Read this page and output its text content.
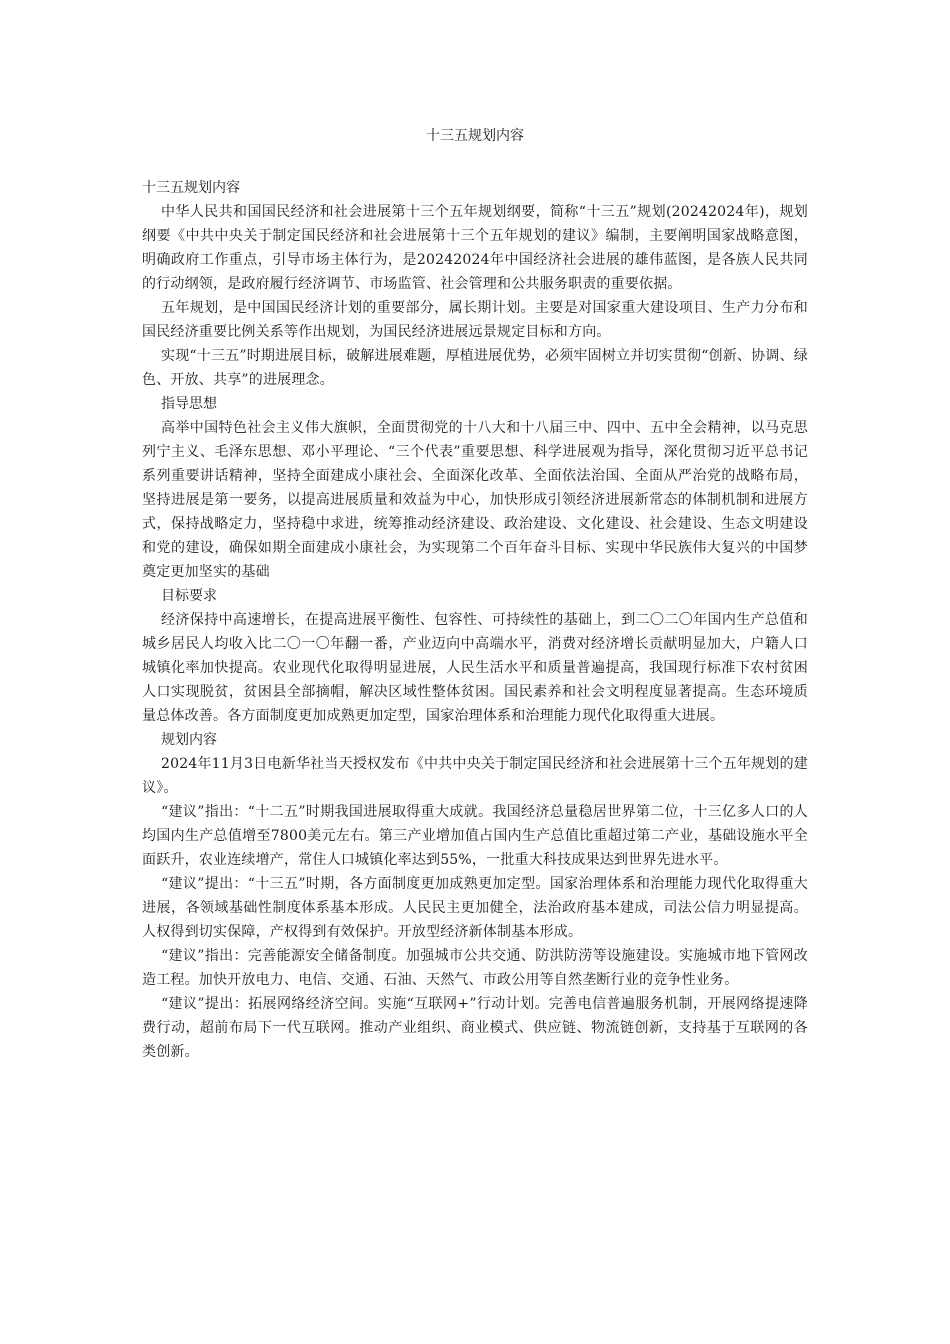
十三五规划内容

十三五规划内容

中华人民共和国国民经济和社会进展第十三个五年规划纲要，简称“十三五”规划(20242024年)，规划纲要《中共中央关于制定国民经济和社会进展第十三个五年规划的建议》编制，主要阐明国家战略意图，明确政府工作重点，引导市场主体行为，是20242024年中国经济社会进展的雄伟蓝图，是各族人民共同的行动纲领，是政府履行经济调节、市场监管、社会管理和公共服务职责的重要依据。

五年规划，是中国国民经济计划的重要部分，属长期计划。主要是对国家重大建设项目、生产力分布和国民经济重要比例关系等作出规划，为国民经济进展远景规定目标和方向。

实现“十三五”时期进展目标，破解进展难题，厚植进展优势，必须牢固树立并切实贯彻“创新、协调、绿色、开放、共享”的进展理念。

指导思想

高举中国特色社会主义伟大旗帜，全面贯彻党的十八大和十八届三中、四中、五中全会精神，以马克思列宁主义、毛泽东思想、邓小平理论、“三个代表”重要思想、科学进展观为指导，深化贯彻习近平总书记系列重要讲话精神，坚持全面建成小康社会、全面深化改革、全面依法治国、全面从严治党的战略布局，坚持进展是第一要务，以提高进展质量和效益为中心，加快形成引领经济进展新常态的体制机制和进展方式，保持战略定力，坚持稳中求进，统筹推动经济建设、政治建设、文化建设、社会建设、生态文明建设和党的建设，确保如期全面建成小康社会，为实现第二个百年奋斗目标、实现中华民族伟大复兴的中国梦奠定更加坚实的基础

目标要求

经济保持中高速增长，在提高进展平衡性、包容性、可持续性的基础上，到二〇二〇年国内生产总值和城乡居民人均收入比二〇一〇年翻一番，产业迈向中高端水平，消费对经济增长贡献明显加大，户籍人口城镇化率加快提高。农业现代化取得明显进展，人民生活水平和质量普遍提高，我国现行标准下农村贫困人口实现脱贫，贫困县全部摘帽，解决区域性整体贫困。国民素养和社会文明程度显著提高。生态环境质量总体改善。各方面制度更加成熟更加定型，国家治理体系和治理能力现代化取得重大进展。

规划内容

2024年11月3日电新华社当天授权发布《中共中央关于制定国民经济和社会进展第十三个五年规划的建议》。

“建议”指出：“十二五”时期我国进展取得重大成就。我国经济总量稳居世界第二位，十三亿多人口的人均国内生产总值增至7800美元左右。第三产业增加值占国内生产总值比重超过第二产业，基础设施水平全面跃升，农业连续增产，常住人口城镇化率达到55%，一批重大科技成果达到世界先进水平。

“建议”提出：“十三五”时期，各方面制度更加成熟更加定型。国家治理体系和治理能力现代化取得重大进展，各领域基础性制度体系基本形成。人民民主更加健全，法治政府基本建成，司法公信力明显提高。人权得到切实保障，产权得到有效保护。开放型经济新体制基本形成。

“建议”指出：完善能源安全储备制度。加强城市公共交通、防洪防涝等设施建设。实施城市地下管网改造工程。加快开放电力、电信、交通、石油、天然气、市政公用等自然垄断行业的竞争性业务。

“建议”提出：拓展网络经济空间。实施“互联网+”行动计划。完善电信普遍服务机制，开展网络提速降费行动，超前布局下一代互联网。推动产业组织、商业模式、供应链、物流链创新，支持基于互联网的各类创新。
